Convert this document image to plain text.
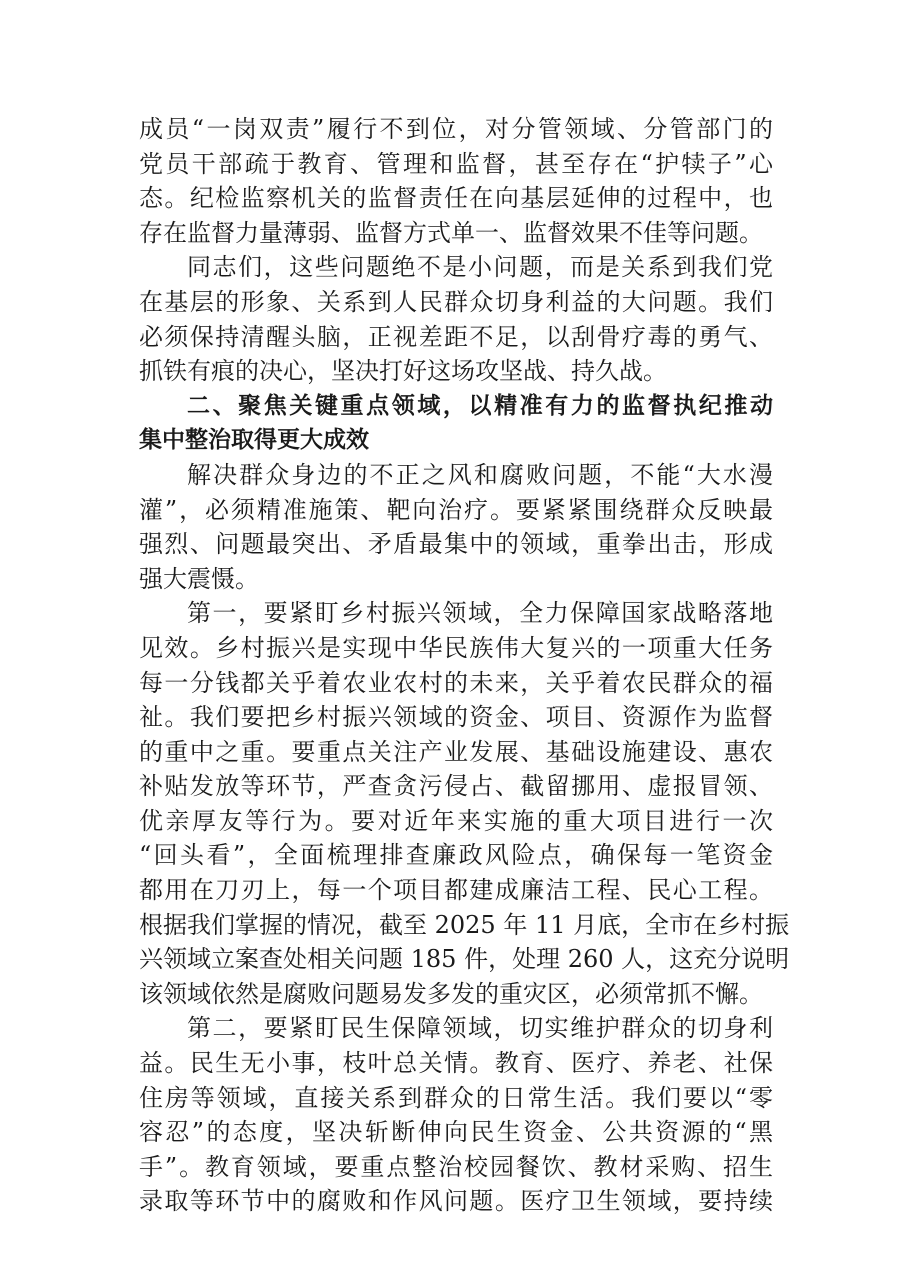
成员“一岗双责”履行不到位，对分管领域、分管部门的
党员干部疏于教育、管理和监督，甚至存在“护犊子”心
态。纪检监察机关的监督责任在向基层延伸的过程中，也
存在监督力量薄弱、监督方式单一、监督效果不佳等问题。
同志们，这些问题绝不是小问题，而是关系到我们党
在基层的形象、关系到人民群众切身利益的大问题。我们
必须保持清醒头脑，正视差距不足，以刮骨疗毒的勇气、
抓铁有痕的决心，坚决打好这场攻坚战、持久战。
二、聚焦关键重点领域，以精准有力的监督执纪推动
集中整治取得更大成效
解决群众身边的不正之风和腐败问题，不能“大水漫
灌”，必须精准施策、靶向治疗。要紧紧围绕群众反映最
强烈、问题最突出、矛盾最集中的领域，重拳出击，形成
强大震慑。
第一，要紧盯乡村振兴领域，全力保障国家战略落地
见效。乡村振兴是实现中华民族伟大复兴的一项重大任务
每一分钱都关乎着农业农村的未来，关乎着农民群众的福
祉。我们要把乡村振兴领域的资金、项目、资源作为监督
的重中之重。要重点关注产业发展、基础设施建设、惠农
补贴发放等环节，严查贪污侵占、截留挪用、虚报冒领、
优亲厚友等行为。要对近年来实施的重大项目进行一次
“回头看”，全面梳理排查廉政风险点，确保每一笔资金
都用在刀刃上，每一个项目都建成廉洁工程、民心工程。
根据我们掌握的情况，截至 2025 年 11 月底，全市在乡村振
兴领域立案查处相关问题 185 件，处理 260 人，这充分说明
该领域依然是腐败问题易发多发的重灾区，必须常抓不懈。
第二，要紧盯民生保障领域，切实维护群众的切身利
益。民生无小事，枝叶总关情。教育、医疗、养老、社保
住房等领域，直接关系到群众的日常生活。我们要以“零
容忍”的态度，坚决斩断伸向民生资金、公共资源的“黑
手”。教育领域，要重点整治校园餐饮、教材采购、招生
录取等环节中的腐败和作风问题。医疗卫生领域，要持续
